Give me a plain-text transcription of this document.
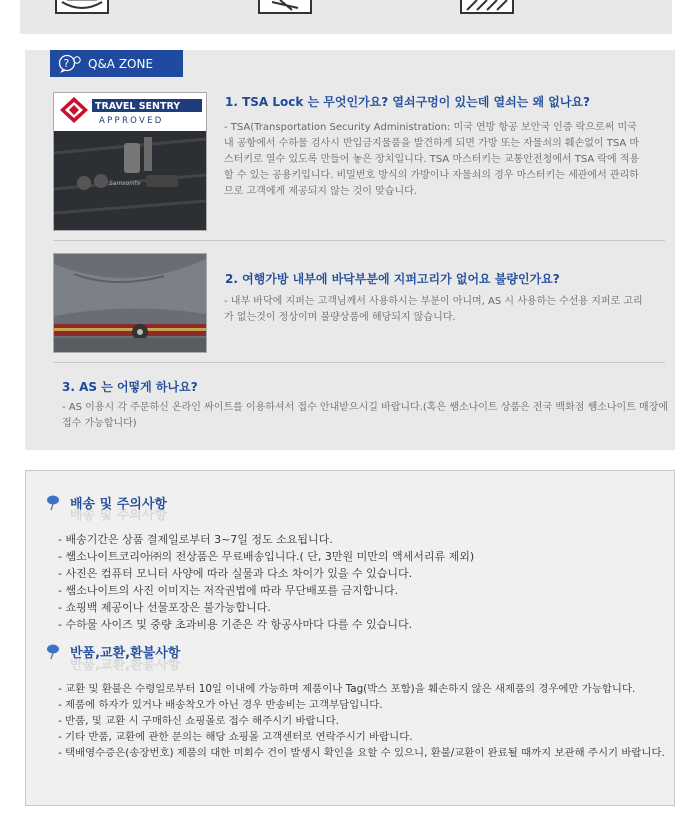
? Q&A ZONE
TRAVEL SENTRY
APPROVED
Samsonite
1. TSA Lock 는 무엇인가요? 열쇠구멍이 있는데 열쇠는 왜 없나요?
- TSA(Transportation Security Administration: 미국 연방 항공 보안국 인증 락으로써 미국 내 공항에서 수하물 검사시 반입금지물품을 발견하게 되면 가방 또는 자물쇠의 훼손없이 TSA 마스터키로 열수 있도록 만들어 놓은 장치입니다. TSA 마스터키는 교통안전청에서 TSA 락에 적용할 수 있는 공용키입니다. 비밀번호 방식의 가방이나 자물쇠의 경우 마스터키는 세관에서 관리하므로 고객에게 제공되지 않는 것이 맞습니다.
2. 여행가방 내부에 바닥부분에 지퍼고리가 없어요 불량인가요?
- 내부 바닥에 지퍼는 고객님께서 사용하시는 부분이 아니며, AS 시 사용하는 수선용 지퍼로 고리가 없는것이 정상이며 불량상품에 해당되지 않습니다.
3. AS 는 어떻게 하나요?
- AS 이용시 각 주문하신 온라인 싸이트를 이용하셔서 접수 안내받으시길 바랍니다.(혹은 쌤소나이트 상품은 전국 백화점 쌤소나이트 매장에 접수 가능합니다)
배송 및 주의사항
배송 및 주의사항
- 배송기간은 상품 결제일로부터 3~7일 정도 소요됩니다.
- 쌤소나이트코리아㈜의 전상품은 무료배송입니다.( 단, 3만원 미만의 액세서리류 제외)
- 사진은 컴퓨터 모니터 사양에 따라 실물과 다소 차이가 있을 수 있습니다.
- 쌤소나이트의 사진 이미지는 저작권법에 따라 무단배포를 금지합니다.
- 쇼핑백 제공이나 선물포장은 불가능합니다.
- 수하물 사이즈 및 중량 초과비용 기준은 각 항공사마다 다를 수 있습니다.
반품,교환,환불사항
반품,교환,환불사항
- 교환 및 환불은 수령일로부터 10일 이내에 가능하며 제품이나 Tag(박스 포함)을 훼손하지 않은 새제품의 경우에만 가능합니다.
- 제품에 하자가 있거나 배송착오가 아닌 경우 반송비는 고객부담입니다.
- 반품, 및 교환 시 구매하신 쇼핑몰로 접수 해주시기 바랍니다.
- 기타 반품, 교환에 관한 문의는 해당 쇼핑몰 고객센터로 연락주시기 바랍니다.
- 택배영수증은(송장번호) 제품의 대한 미회수 건이 발생시 확인을 요할 수 있으니, 환불/교환이 완료될 때까지 보관해 주시기 바랍니다.
